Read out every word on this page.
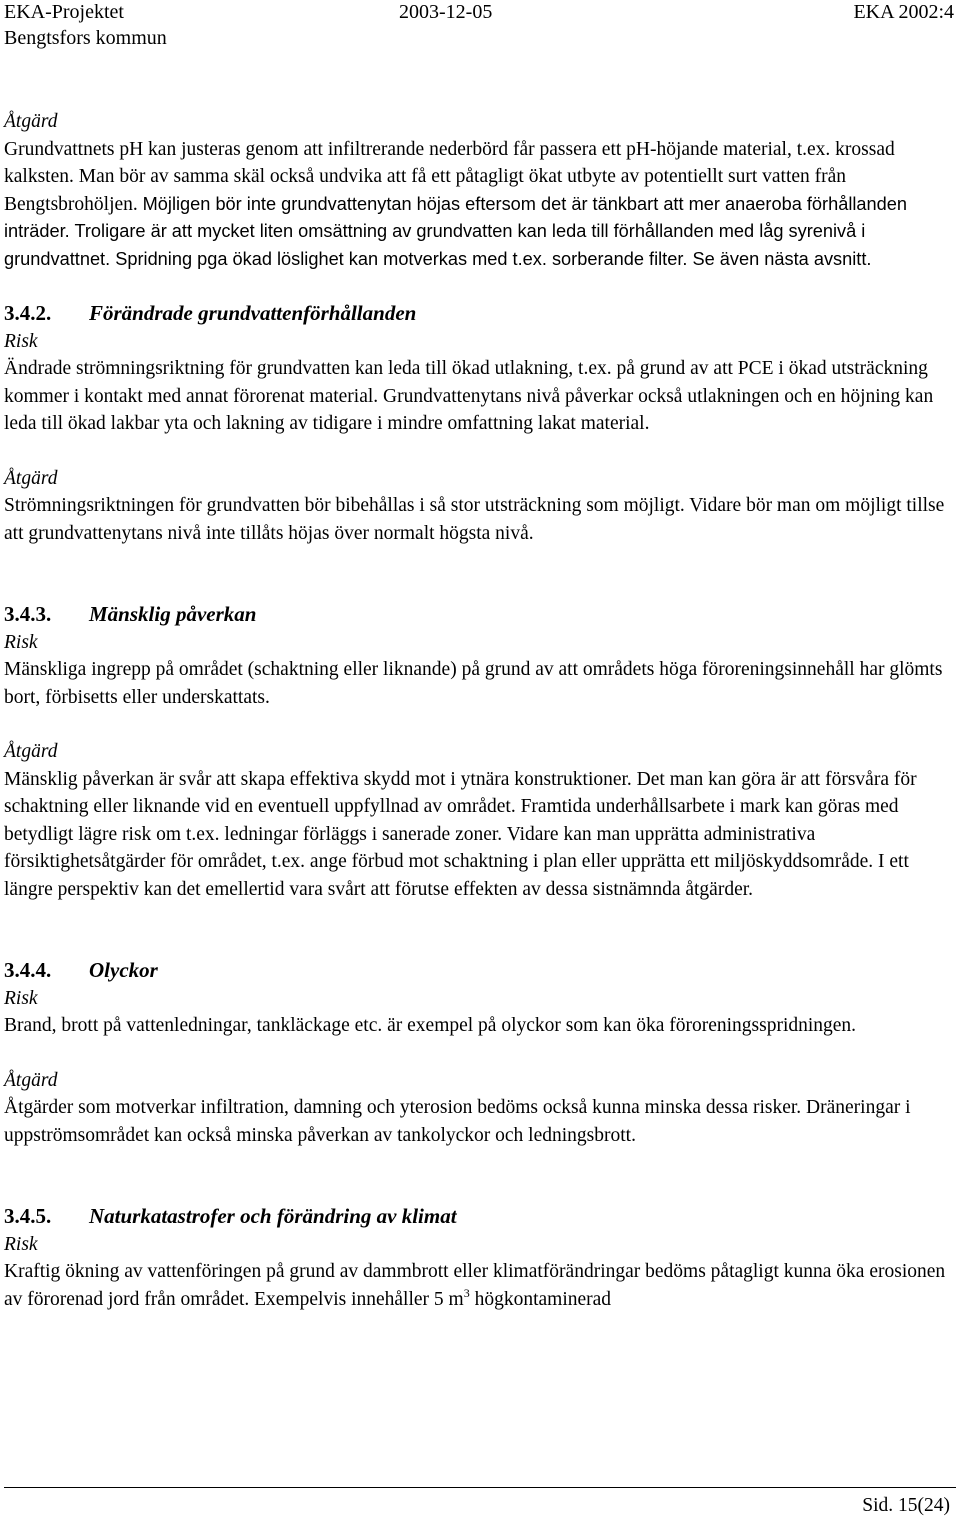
EKA-Projektet
Bengtsfors kommun
2003-12-05	EKA 2002:4

Åtgärd

Grundvattnets pH kan justeras genom att infiltrerande nederbörd får passera ett pH-höjande material, t.ex. krossad kalksten. Man bör av samma skäl också undvika att få ett påtagligt ökat utbyte av potentiellt surt vatten från Bengtsbrohöljen. Möjligen bör inte grundvattenytan höjas eftersom det är tänkbart att mer anaeroba förhållanden inträder. Troligare är att mycket liten omsättning av grundvatten kan leda till förhållanden med låg syrenivå i grundvattnet. Spridning pga ökad löslighet kan motverkas med t.ex. sorberande filter. Se även nästa avsnitt.

3.4.2. Förändrade grundvattenförhållanden

Risk

Ändrade strömningsriktning för grundvatten kan leda till ökad utlakning, t.ex. på grund av att PCE i ökad utsträckning kommer i kontakt med annat förorenat material. Grundvattenytans nivå påverkar också utlakningen och en höjning kan leda till ökad lakbar yta och lakning av tidigare i mindre omfattning lakat material.

Åtgärd

Strömningsriktningen för grundvatten bör bibehållas i så stor utsträckning som möjligt. Vidare bör man om möjligt tillse att grundvattenytans nivå inte tillåts höjas över normalt högsta nivå.

3.4.3. Mänsklig påverkan

Risk

Mänskliga ingrepp på området (schaktning eller liknande) på grund av att områdets höga föroreningsinnehåll har glömts bort, förbisetts eller underskattats.

Åtgärd

Mänsklig påverkan är svår att skapa effektiva skydd mot i ytnära konstruktioner. Det man kan göra är att försvåra för schaktning eller liknande vid en eventuell uppfyllnad av området. Framtida underhållsarbete i mark kan göras med betydligt lägre risk om t.ex. ledningar förläggs i sanerade zoner. Vidare kan man upprätta administrativa försiktighetsåtgärder för området, t.ex. ange förbud mot schaktning i plan eller upprätta ett miljöskyddsområde. I ett längre perspektiv kan det emellertid vara svårt att förutse effekten av dessa sistnämnda åtgärder.

3.4.4. Olyckor

Risk

Brand, brott på vattenledningar, tankläckage etc. är exempel på olyckor som kan öka föroreningsspridningen.

Åtgärd

Åtgärder som motverkar infiltration, damning och yterosion bedöms också kunna minska dessa risker. Dräneringar i uppströmsområdet kan också minska påverkan av tankolyckor och ledningsbrott.

3.4.5. Naturkatastrofer och förändring av klimat

Risk

Kraftig ökning av vattenföringen på grund av dammbrott eller klimatförändringar bedöms påtagligt kunna öka erosionen av förorenad jord från området. Exempelvis innehåller 5 $m^3$ högkontaminerad

Sid. 15(24)
